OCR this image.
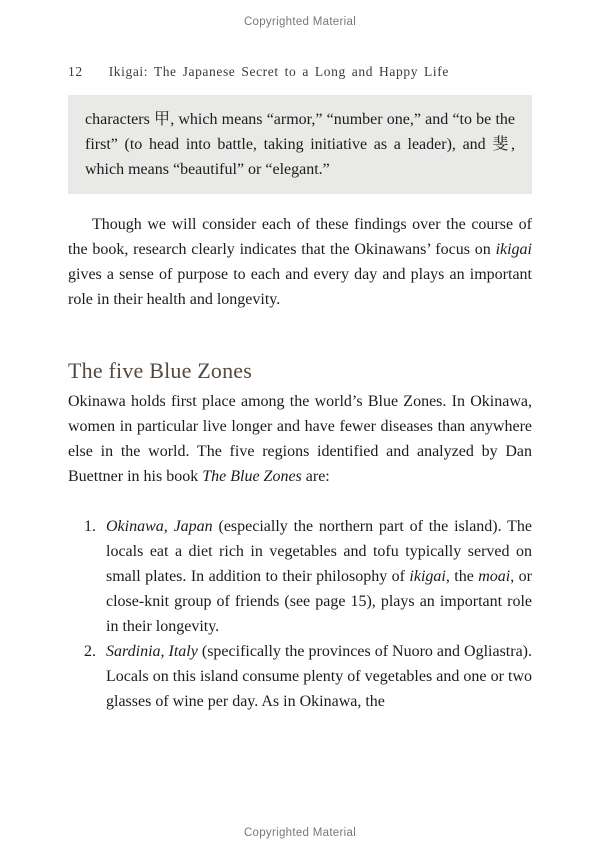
Copyrighted Material
12 Ikigai: The Japanese Secret to a Long and Happy Life

characters 甲, which means “armor,” “number one,” and “to be the first” (to head into battle, taking initiative as a leader), and 斐, which means “beautiful” or “elegant.”

Though we will consider each of these findings over the course of the book, research clearly indicates that the Okinawans’ focus on ikigai gives a sense of purpose to each and every day and plays an important role in their health and longevity.

The five Blue Zones

Okinawa holds first place among the world’s Blue Zones. In Okinawa, women in particular live longer and have fewer diseases than anywhere else in the world. The five regions identified and analyzed by Dan Buettner in his book The Blue Zones are:

1. Okinawa, Japan (especially the northern part of the island). The locals eat a diet rich in vegetables and tofu typically served on small plates. In addition to their philosophy of ikigai, the moai, or close-knit group of friends (see page 15), plays an important role in their longevity.
2. Sardinia, Italy (specifically the provinces of Nuoro and Ogliastra). Locals on this island consume plenty of vegetables and one or two glasses of wine per day. As in Okinawa, the
Copyrighted Material
